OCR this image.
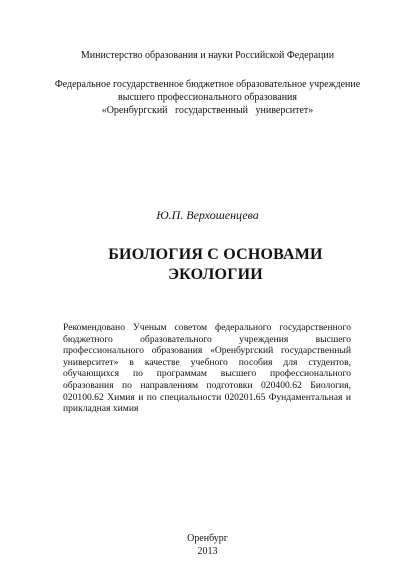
Министерство образования и науки Российской Федерации
Федеральное государственное бюджетное образовательное учреждение
высшего профессионального образования
«Оренбургский   государственный   университет»
Ю.П. Верхошенцева
БИОЛОГИЯ С ОСНОВАМИ
ЭКОЛОГИИ
Рекомендовано Ученым советом федерального государственного бюджетного образовательного учреждения высшего профессионального образования «Оренбургский государственный университет» в качестве учебного пособия для студентов, обучающихся по программам высшего профессионального образования по направлениям подготовки 020400.62 Биология, 020100.62 Химия и по специальности 020201.65 Фундаментальная и прикладная химия
Оренбург
2013
